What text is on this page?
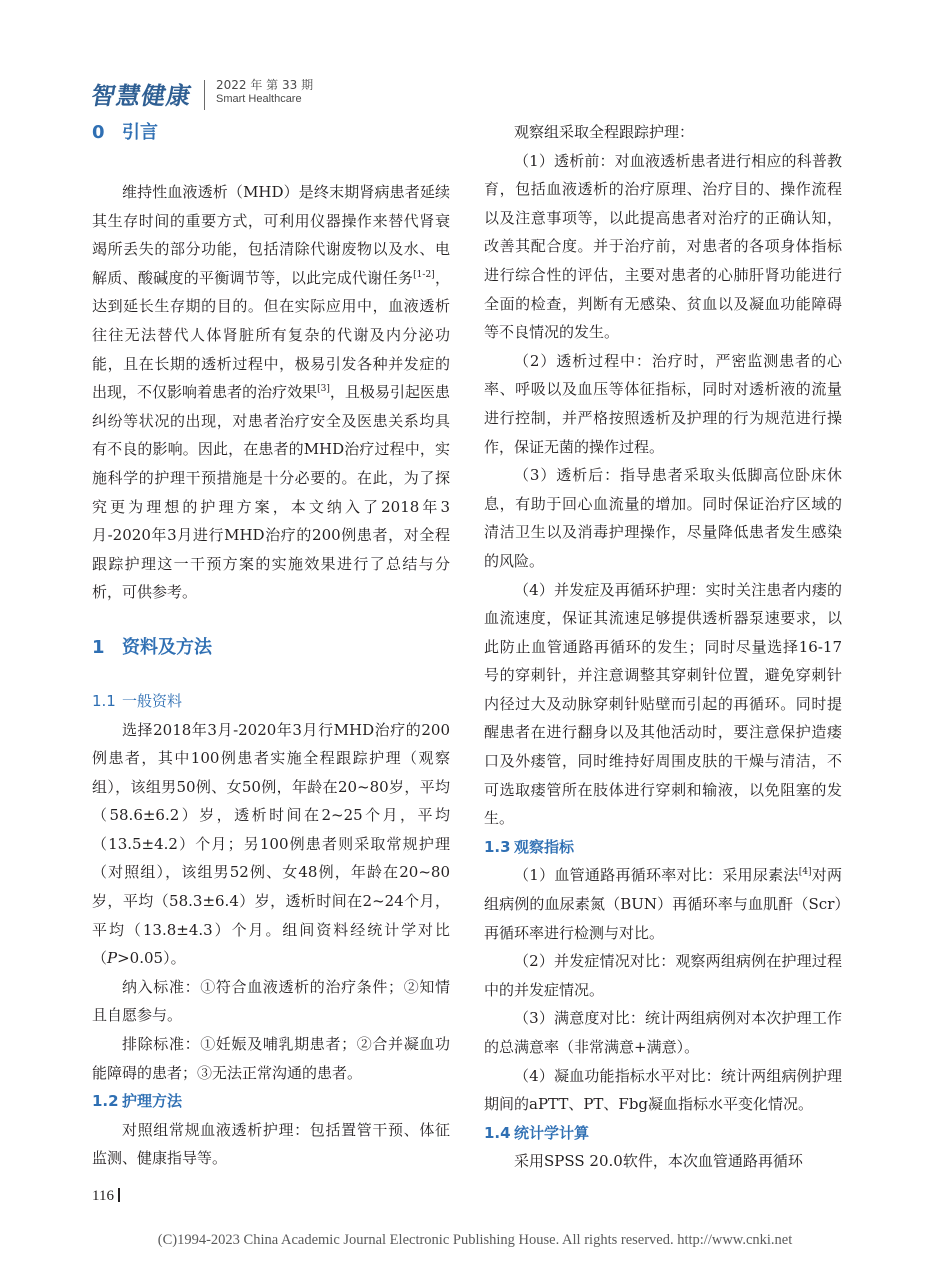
智慧健康	2022 年 第 33 期
Smart Healthcare
0 引言

维持性血液透析（MHD）是终末期肾病患者延续其生存时间的重要方式，可利用仪器操作来替代肾衰竭所丢失的部分功能，包括清除代谢废物以及水、电解质、酸碱度的平衡调节等，以此完成代谢任务[1-2]，达到延长生存期的目的。但在实际应用中，血液透析往往无法替代人体肾脏所有复杂的代谢及内分泌功能，且在长期的透析过程中，极易引发各种并发症的出现，不仅影响着患者的治疗效果[3]，且极易引起医患纠纷等状况的出现，对患者治疗安全及医患关系均具有不良的影响。因此，在患者的MHD治疗过程中，实施科学的护理干预措施是十分必要的。在此，为了探究更为理想的护理方案，本文纳入了2018年3月-2020年3月进行MHD治疗的200例患者，对全程跟踪护理这一干预方案的实施效果进行了总结与分析，可供参考。

1 资料及方法
1.1 一般资料

选择2018年3月-2020年3月行MHD治疗的200例患者，其中100例患者实施全程跟踪护理（观察组），该组男50例、女50例，年龄在20~80岁，平均（58.6±6.2）岁，透析时间在2~25个月，平均（13.5±4.2）个月；另100例患者则采取常规护理（对照组），该组男52例、女48例，年龄在20~80岁，平均（58.3±6.4）岁，透析时间在2~24个月，平均（13.8±4.3）个月。组间资料经统计学对比（P>0.05）。

纳入标准：①符合血液透析的治疗条件；②知情且自愿参与。

排除标准：①妊娠及哺乳期患者；②合并凝血功能障碍的患者；③无法正常沟通的患者。

1.2 护理方法

对照组常规血液透析护理：包括置管干预、体征监测、健康指导等。

观察组采取全程跟踪护理：

（1）透析前：对血液透析患者进行相应的科普教育，包括血液透析的治疗原理、治疗目的、操作流程以及注意事项等，以此提高患者对治疗的正确认知，改善其配合度。并于治疗前，对患者的各项身体指标进行综合性的评估，主要对患者的心肺肝肾功能进行全面的检查，判断有无感染、贫血以及凝血功能障碍等不良情况的发生。

（2）透析过程中：治疗时，严密监测患者的心率、呼吸以及血压等体征指标，同时对透析液的流量进行控制，并严格按照透析及护理的行为规范进行操作，保证无菌的操作过程。

（3）透析后：指导患者采取头低脚高位卧床休息，有助于回心血流量的增加。同时保证治疗区域的清洁卫生以及消毒护理操作，尽量降低患者发生感染的风险。

（4）并发症及再循环护理：实时关注患者内瘘的血流速度，保证其流速足够提供透析器泵速要求，以此防止血管通路再循环的发生；同时尽量选择16-17号的穿刺针，并注意调整其穿刺针位置，避免穿刺针内径过大及动脉穿刺针贴壁而引起的再循环。同时提醒患者在进行翻身以及其他活动时，要注意保护造瘘口及外瘘管，同时维持好周围皮肤的干燥与清洁，不可选取瘘管所在肢体进行穿刺和输液，以免阻塞的发生。

1.3 观察指标

（1）血管通路再循环率对比：采用尿素法[4]对两组病例的血尿素氮（BUN）再循环率与血肌酐（Scr）再循环率进行检测与对比。

（2）并发症情况对比：观察两组病例在护理过程中的并发症情况。

（3）满意度对比：统计两组病例对本次护理工作的总满意率（非常满意+满意）。

（4）凝血功能指标水平对比：统计两组病例护理期间的aPTT、PT、Fbg凝血指标水平变化情况。

1.4 统计学计算

采用SPSS 20.0软件，本次血管通路再循环

116
(C)1994-2023 China Academic Journal Electronic Publishing House. All rights reserved. http://www.cnki.net
